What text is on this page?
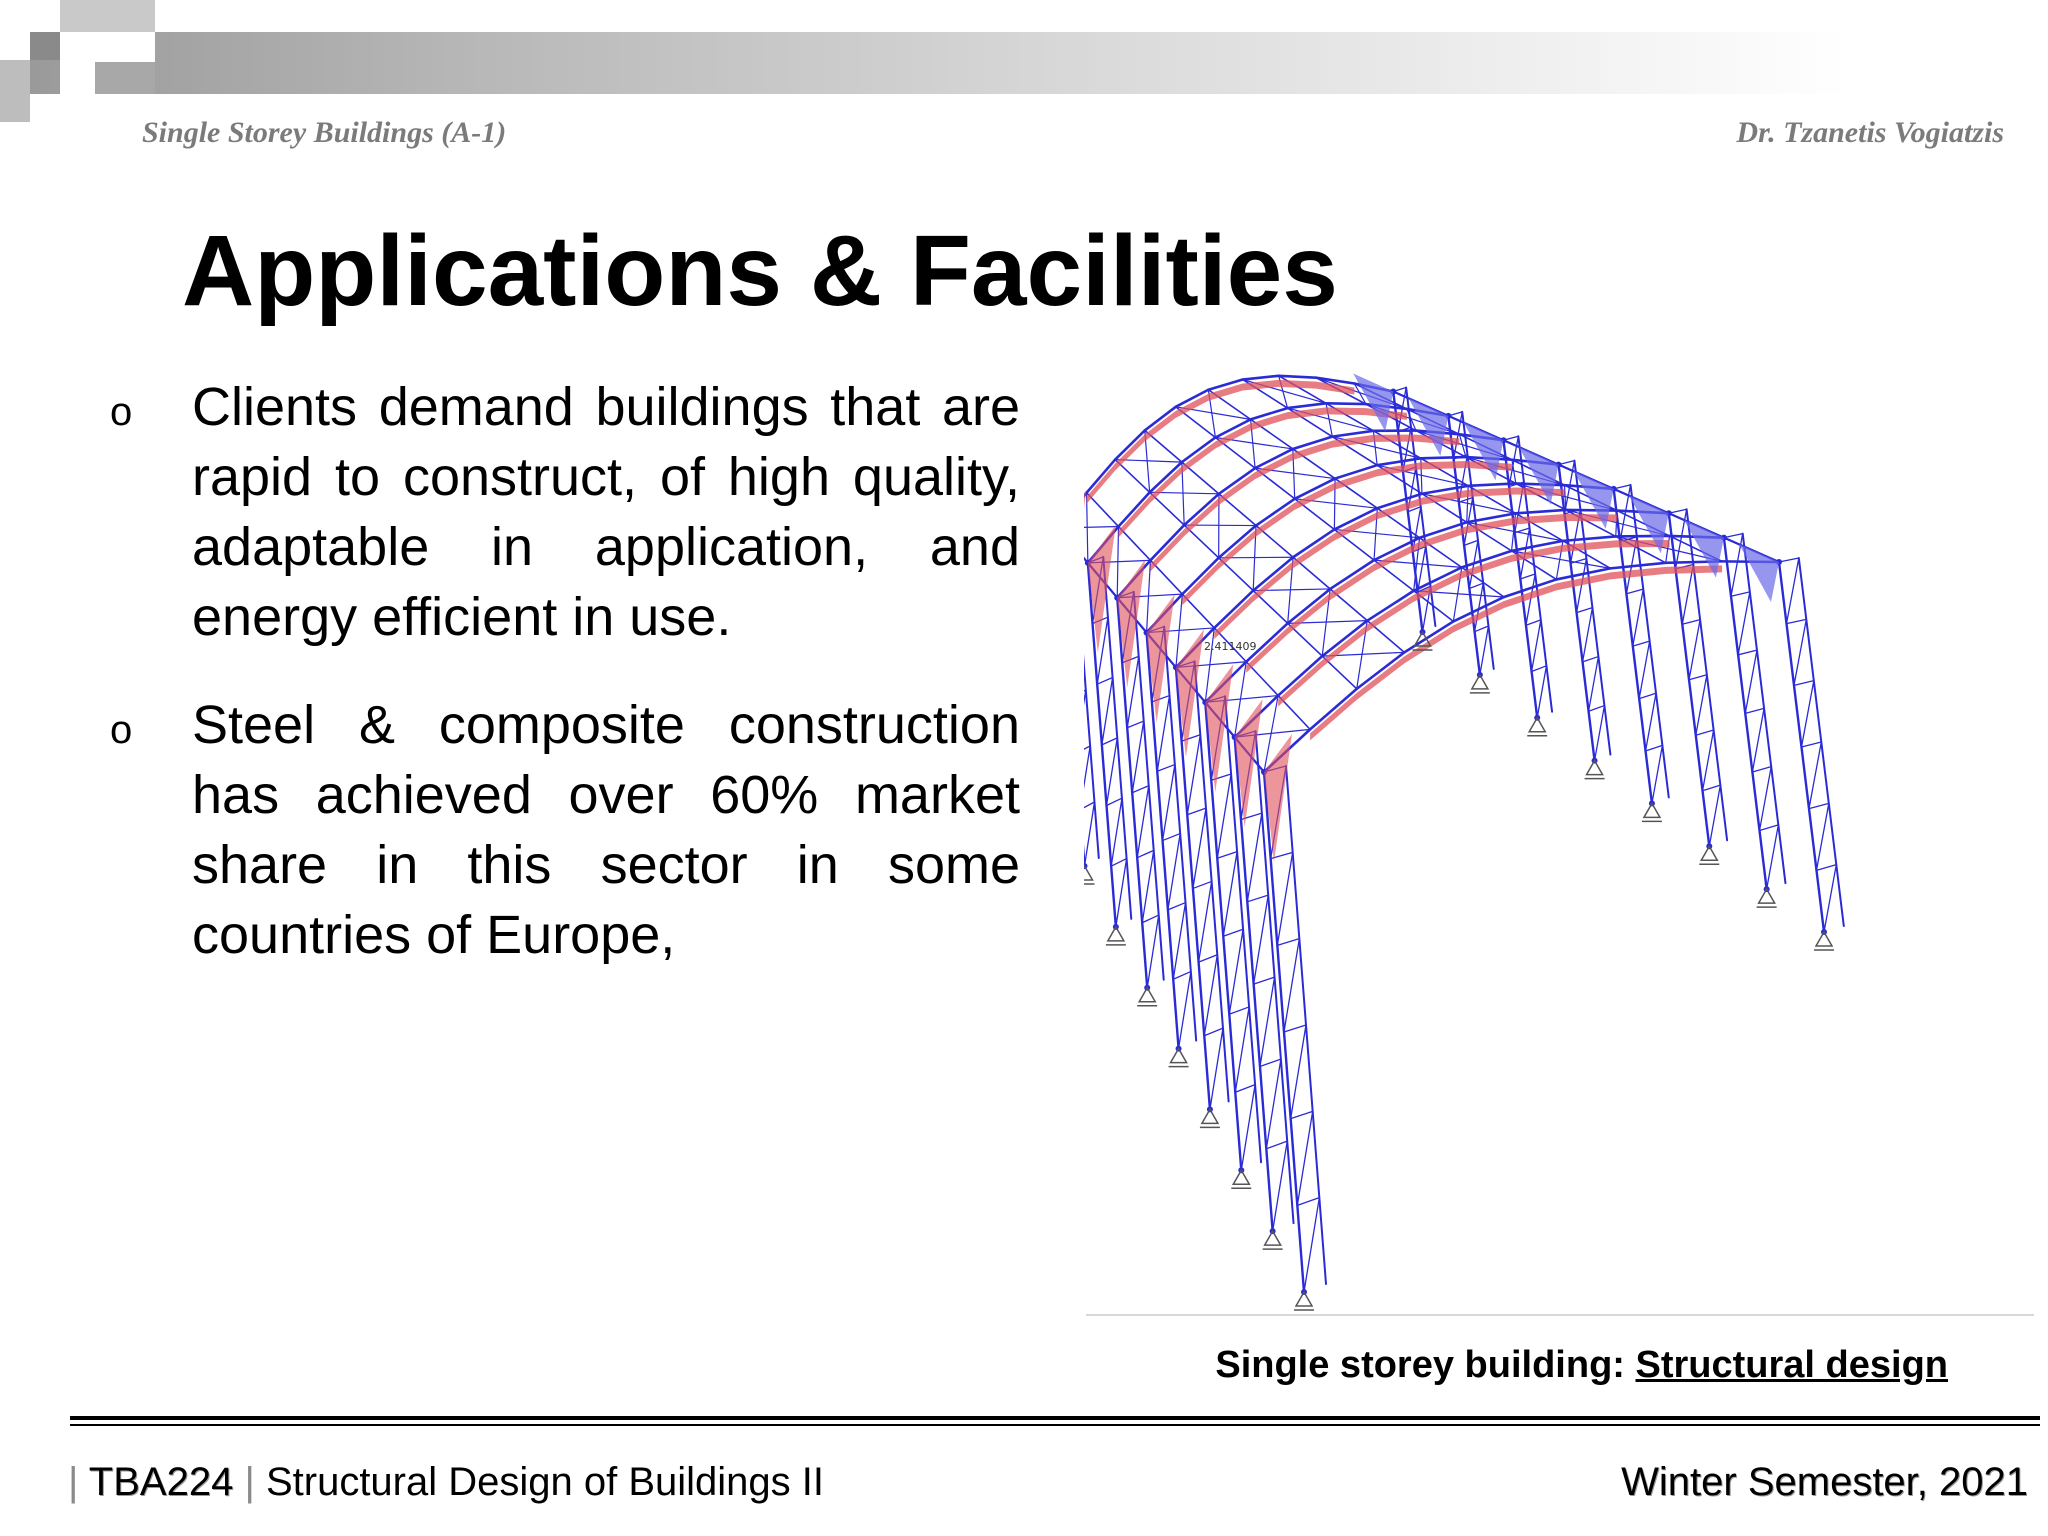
Single Storey Buildings (A-1)	Dr. Tzanetis Vogiatzis
Applications & Facilities
o Clients demand buildings that are rapid to construct, of high quality, adaptable in application, and energy efficient in use.
o Steel & composite construction has achieved over 60% market share in this sector in some countries of Europe,
2.411409
Single storey building: Structural design
| TBA224 | Structural Design of Buildings II	Winter Semester, 2021
